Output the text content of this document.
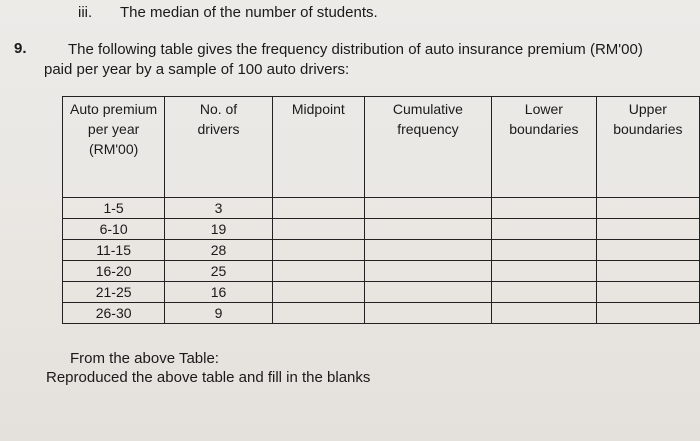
iii. The median of the number of students.
9.	The following table gives the frequency distribution of auto insurance premium (RM'00) paid per year by a sample of 100 auto drivers:
Auto premium per year (RM'00)	No. of drivers	Midpoint	Cumulative frequency	Lower boundaries	Upper boundaries
1-5	3				
6-10	19				
11-15	28				
16-20	25				
21-25	16				
26-30	9				
From the above Table:
Reproduced the above table and fill in the blanks
